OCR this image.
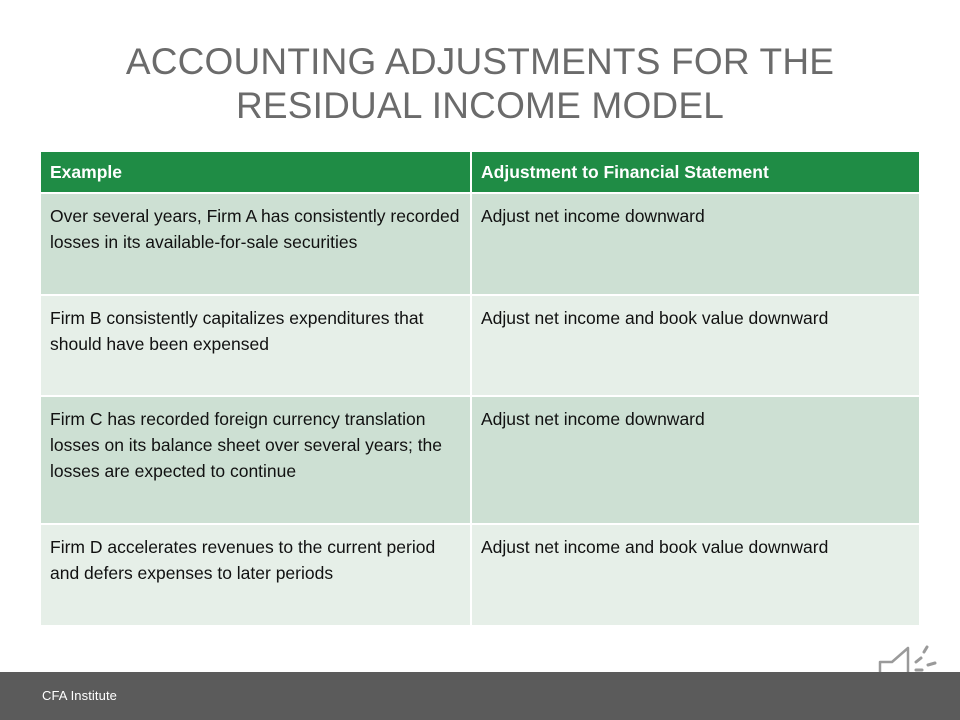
ACCOUNTING ADJUSTMENTS FOR THE
RESIDUAL INCOME MODEL
Example	Adjustment to Financial Statement
Over several years, Firm A has consistently recorded losses in its available-for-sale securities	Adjust net income downward
Firm B consistently capitalizes expenditures that should have been expensed	Adjust net income and book value downward
Firm C has recorded foreign currency translation losses on its balance sheet over several years; the losses are expected to continue	Adjust net income downward
Firm D accelerates revenues to the current period and defers expenses to later periods	Adjust net income and book value downward
CFA Institute
